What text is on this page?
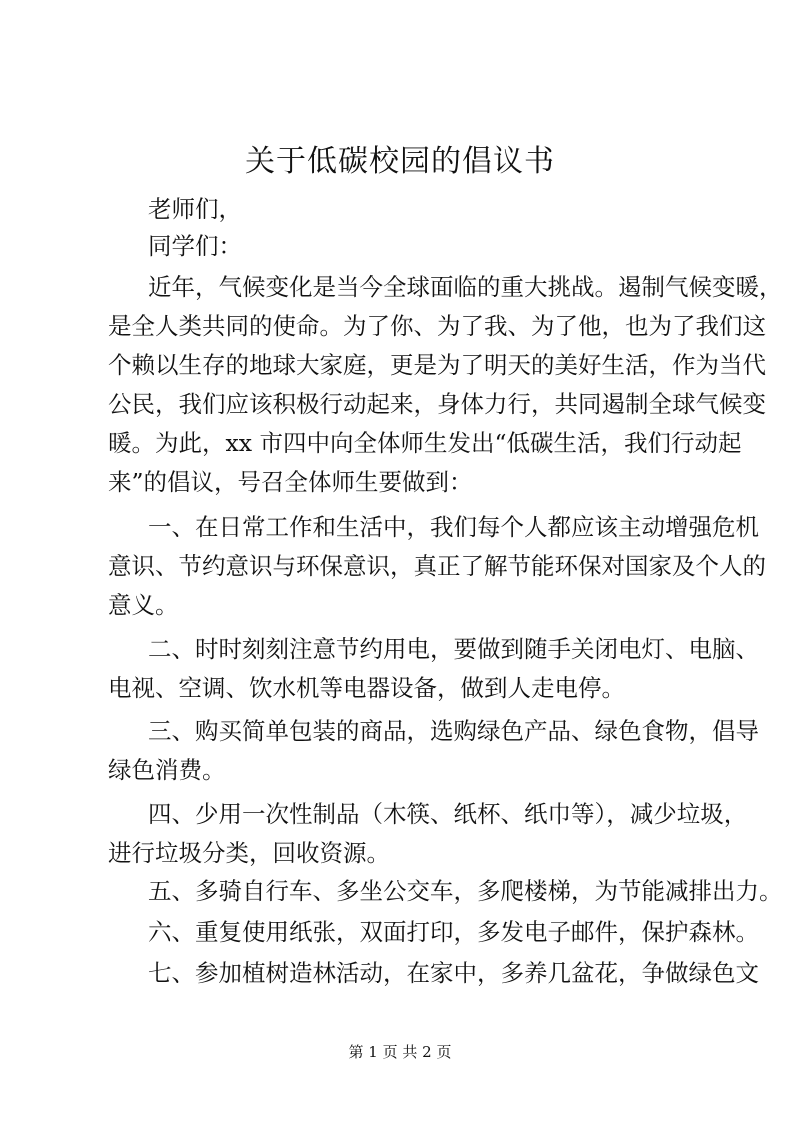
关于低碳校园的倡议书
老师们，
同学们：
近年，气候变化是当今全球面临的重大挑战。遏制气候变暖，
是全人类共同的使命。为了你、为了我、为了他，也为了我们这
个赖以生存的地球大家庭，更是为了明天的美好生活，作为当代
公民，我们应该积极行动起来，身体力行，共同遏制全球气候变
暖。为此，xx 市四中向全体师生发出“低碳生活，我们行动起
来”的倡议，号召全体师生要做到：
一、在日常工作和生活中，我们每个人都应该主动增强危机
意识、节约意识与环保意识，真正了解节能环保对国家及个人的
意义。
二、时时刻刻注意节约用电，要做到随手关闭电灯、电脑、
电视、空调、饮水机等电器设备，做到人走电停。
三、购买简单包装的商品，选购绿色产品、绿色食物，倡导
绿色消费。
四、少用一次性制品（木筷、纸杯、纸巾等），减少垃圾，
进行垃圾分类，回收资源。
五、多骑自行车、多坐公交车，多爬楼梯，为节能减排出力。
六、重复使用纸张，双面打印，多发电子邮件，保护森林。
七、参加植树造林活动，在家中，多养几盆花，争做绿色文
第 1 页 共 2 页
